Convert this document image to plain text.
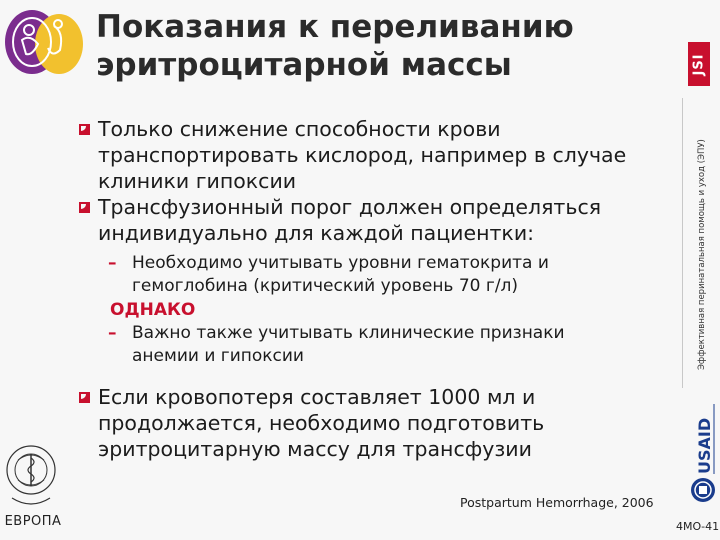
Показания к переливанию
эритроцитарной массы	JSI
Эффективная перинатальная помощь и уход (ЭПУ)
Только снижение способности крови
транспортировать кислород, например в случае
клиники гипоксии
Трансфузионный порог должен определяться
индивидуально для каждой пациентки:
– Необходимо учитывать уровни гематокрита и
гемоглобина (критический уровень 70 г/л)
ОДНАКО
– Важно также учитывать клинические признаки
анемии и гипоксии
Если кровопотеря составляет 1000 мл и
продолжается, необходимо подготовить
эритроцитарную массу для трансфузии	USAID
ЕВРОПА
Postpartum Hemorrhage, 2006
4МО-41
